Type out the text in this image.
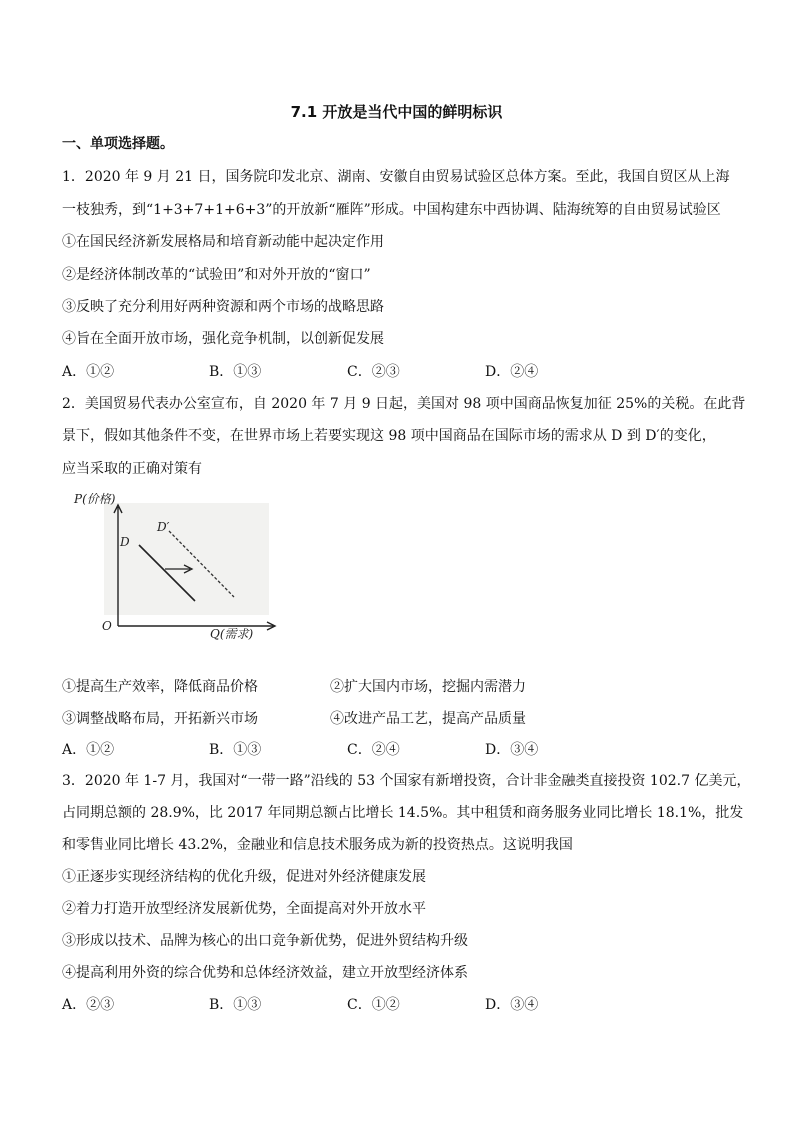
7.1 开放是当代中国的鲜明标识
一、单项选择题。
1．2020 年 9 月 21 日，国务院印发北京、湖南、安徽自由贸易试验区总体方案。至此，我国自贸区从上海
一枝独秀，到“1+3+7+1+6+3”的开放新“雁阵”形成。中国构建东中西协调、陆海统筹的自由贸易试验区
①在国民经济新发展格局和培育新动能中起决定作用
②是经济体制改革的“试验田”和对外开放的“窗口”
③反映了充分利用好两种资源和两个市场的战略思路
④旨在全面开放市场，强化竞争机制，以创新促发展
A．①②	B．①③	C．②③	D．②④
2．美国贸易代表办公室宣布，自 2020 年 7 月 9 日起，美国对 98 项中国商品恢复加征 25%的关税。在此背
景下，假如其他条件不变，在世界市场上若要实现这 98 项中国商品在国际市场的需求从 D 到 D′的变化，
应当采取的正确对策有
P(价格)
Q(需求)
O
D
D′
①提高生产效率，降低商品价格	②扩大国内市场，挖掘内需潜力
③调整战略布局，开拓新兴市场	④改进产品工艺，提高产品质量
A．①②	B．①③	C．②④	D．③④
3．2020 年 1-7 月，我国对“一带一路”沿线的 53 个国家有新增投资，合计非金融类直接投资 102.7 亿美元，
占同期总额的 28.9%，比 2017 年同期总额占比增长 14.5%。其中租赁和商务服务业同比增长 18.1%，批发
和零售业同比增长 43.2%，金融业和信息技术服务成为新的投资热点。这说明我国
①正逐步实现经济结构的优化升级，促进对外经济健康发展
②着力打造开放型经济发展新优势，全面提高对外开放水平
③形成以技术、品牌为核心的出口竞争新优势，促进外贸结构升级
④提高利用外资的综合优势和总体经济效益，建立开放型经济体系
A．②③	B．①③	C．①②	D．③④
